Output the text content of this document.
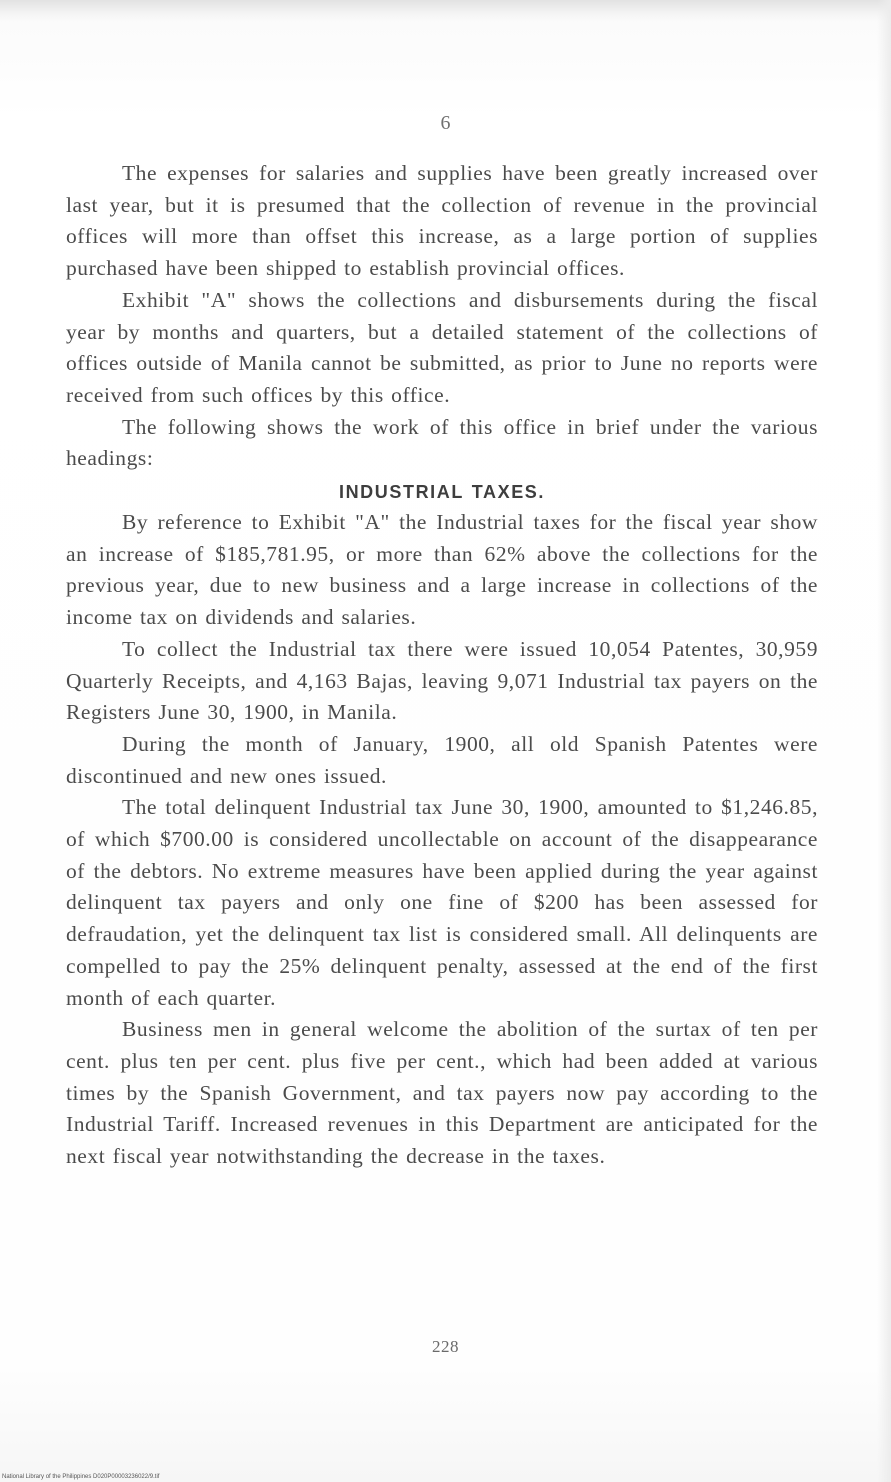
6

The expenses for salaries and supplies have been greatly increased over last year, but it is presumed that the collection of revenue in the provincial offices will more than offset this increase, as a large portion of supplies purchased have been shipped to establish provincial offices.

Exhibit "A" shows the collections and disbursements during the fiscal year by months and quarters, but a detailed statement of the collections of offices outside of Manila cannot be submitted, as prior to June no reports were received from such offices by this office.

The following shows the work of this office in brief under the various headings:

INDUSTRIAL TAXES.

By reference to Exhibit "A" the Industrial taxes for the fiscal year show an increase of $185,781.95, or more than 62% above the collections for the previous year, due to new business and a large increase in collections of the income tax on dividends and salaries.

To collect the Industrial tax there were issued 10,054 Patentes, 30,959 Quarterly Receipts, and 4,163 Bajas, leaving 9,071 Industrial tax payers on the Registers June 30, 1900, in Manila.

During the month of January, 1900, all old Spanish Patentes were discontinued and new ones issued.

The total delinquent Industrial tax June 30, 1900, amounted to $1,246.85, of which $700.00 is considered uncollectable on account of the disappearance of the debtors. No extreme measures have been applied during the year against delinquent tax payers and only one fine of $200 has been assessed for defraudation, yet the delinquent tax list is considered small. All delinquents are compelled to pay the 25% delinquent penalty, assessed at the end of the first month of each quarter.

Business men in general welcome the abolition of the surtax of ten per cent. plus ten per cent. plus five per cent., which had been added at various times by the Spanish Government, and tax payers now pay according to the Industrial Tariff. Increased revenues in this Department are anticipated for the next fiscal year notwithstanding the decrease in the taxes.

228
National Library of the Philippines D020P00003236022/9.tif
